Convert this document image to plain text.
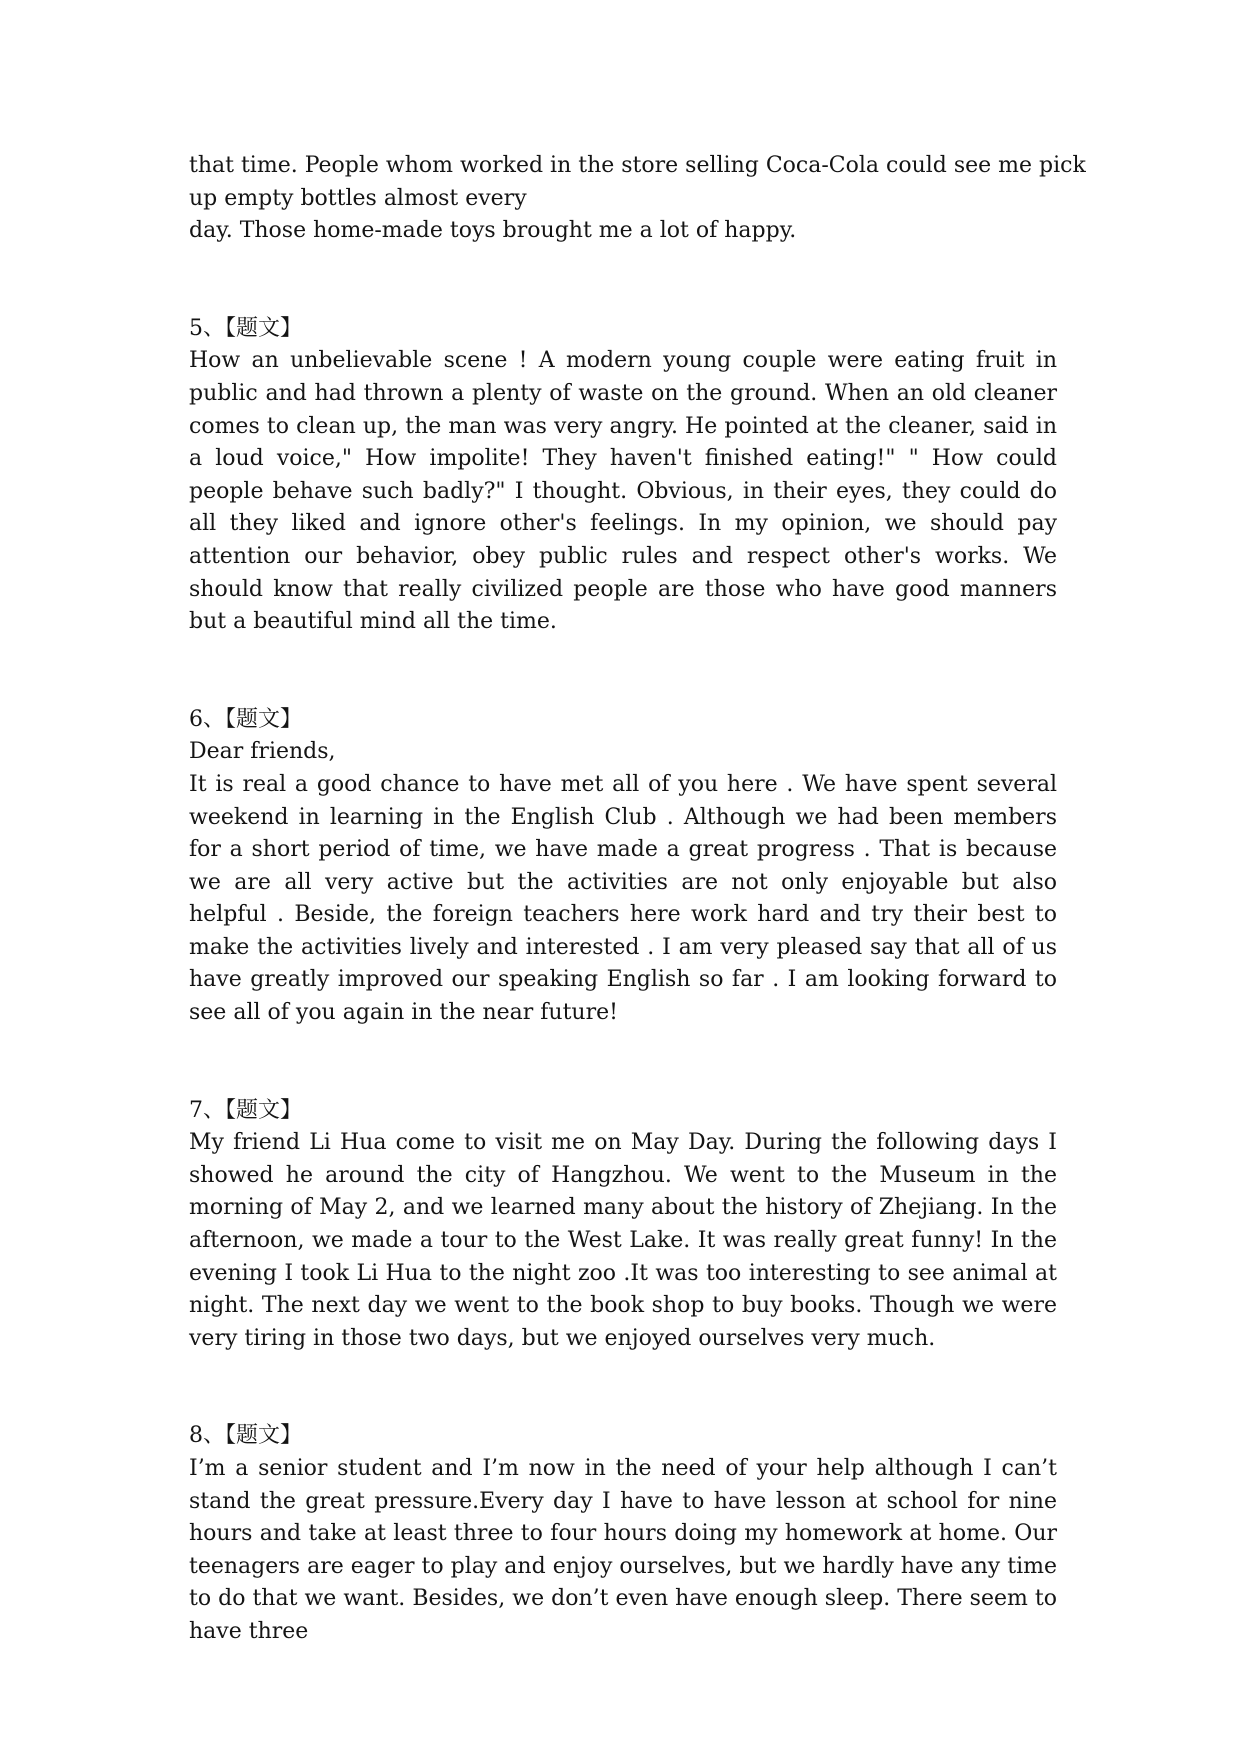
that time. People whom worked in the store selling Coca-Cola could see me pick
up empty bottles almost every
day. Those home-made toys brought me a lot of happy.
5、【题文】

How an unbelievable scene ! A modern young couple were eating fruit in public and had thrown a plenty of waste on the ground. When an old cleaner comes to clean up, the man was very angry. He pointed at the cleaner, said in a loud voice," How impolite! They haven't finished eating!" " How could people behave such badly?" I thought. Obvious, in their eyes, they could do all they liked and ignore other's feelings. In my opinion, we should pay attention our behavior, obey public rules and respect other's works. We should know that really civilized people are those who have good manners but a beautiful mind all the time.

6、【题文】

Dear friends,

It is real a good chance to have met all of you here . We have spent several weekend in learning in the English Club . Although we had been members for a short period of time, we have made a great progress . That is because we are all very active but the activities are not only enjoyable but also helpful . Beside, the foreign teachers here work hard and try their best to make the activities lively and interested . I am very pleased say that all of us have greatly improved our speaking English so far . I am looking forward to see all of you again in the near future!

7、【题文】

My friend Li Hua come to visit me on May Day. During the following days I showed he around the city of Hangzhou. We went to the Museum in the morning of May 2, and we learned many about the history of Zhejiang. In the afternoon, we made a tour to the West Lake. It was really great funny! In the evening I took Li Hua to the night zoo .It was too interesting to see animal at night. The next day we went to the book shop to buy books. Though we were very tiring in those two days, but we enjoyed ourselves very much.

8、【题文】

I’m a senior student and I’m now in the need of your help although I can’t stand the great pressure.Every day I have to have lesson at school for nine hours and take at least three to four hours doing my homework at home. Our teenagers are eager to play and enjoy ourselves, but we hardly have any time to do that we want. Besides, we don’t even have enough sleep. There seem to have three
